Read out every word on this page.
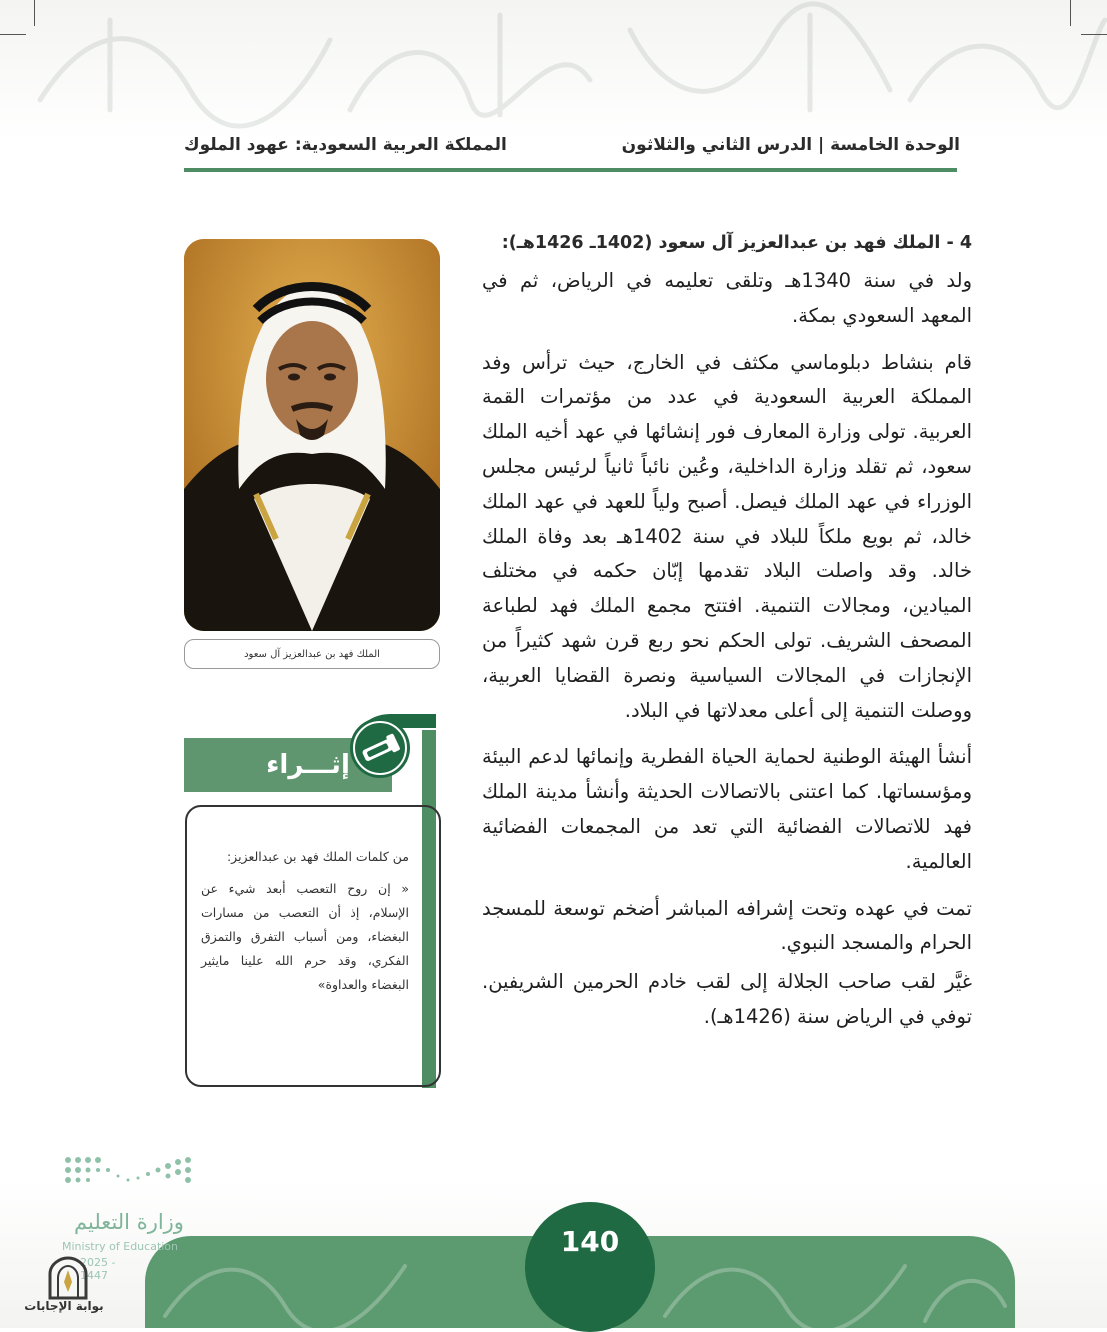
الوحدة الخامسة | الدرس الثاني والثلاثون
المملكة العربية السعودية: عهود الملوك
4 - الملك فهد بن عبدالعزيز آل سعود (1402ـ 1426هـ):

ولد في سنة 1340هـ وتلقى تعليمه في الرياض، ثم في المعهد السعودي بمكة.

قام بنشاط دبلوماسي مكثف في الخارج، حيث ترأس وفد المملكة العربية السعودية في عدد من مؤتمرات القمة العربية. تولى وزارة المعارف فور إنشائها في عهد أخيه الملك سعود، ثم تقلد وزارة الداخلية، وعُين نائباً ثانياً لرئيس مجلس الوزراء في عهد الملك فيصل. أصبح ولياً للعهد في عهد الملك خالد، ثم بويع ملكاً للبلاد في سنة 1402هـ بعد وفاة الملك خالد. وقد واصلت البلاد تقدمها إبّان حكمه في مختلف الميادين، ومجالات التنمية. افتتح مجمع الملك فهد لطباعة المصحف الشريف. تولى الحكم نحو ربع قرن شهد كثيراً من الإنجازات في المجالات السياسية ونصرة القضايا العربية، ووصلت التنمية إلى أعلى معدلاتها في البلاد.

أنشأ الهيئة الوطنية لحماية الحياة الفطرية وإنمائها لدعم البيئة ومؤسساتها. كما اعتنى بالاتصالات الحديثة وأنشأ مدينة الملك فهد للاتصالات الفضائية التي تعد من المجمعات الفضائية العالمية.

تمت في عهده وتحت إشرافه المباشر أضخم توسعة للمسجد الحرام والمسجد النبوي.

غيَّر لقب صاحب الجلالة إلى لقب خادم الحرمين الشريفين. توفي في الرياض سنة (1426هـ).

الملك فهد بن عبدالعزيز آل سعود
إثـــراء

من كلمات الملك فهد بن عبدالعزيز:

« إن روح التعصب أبعد شيء عن الإسلام، إذ أن التعصب من مسارات البغضاء، ومن أسباب التفرق والتمزق الفكري، وقد حرم الله علينا مايثير البغضاء والعداوة»

140
وزارة التعليم
Ministry of Education
2025 - 1447
بوابة الإجابات
